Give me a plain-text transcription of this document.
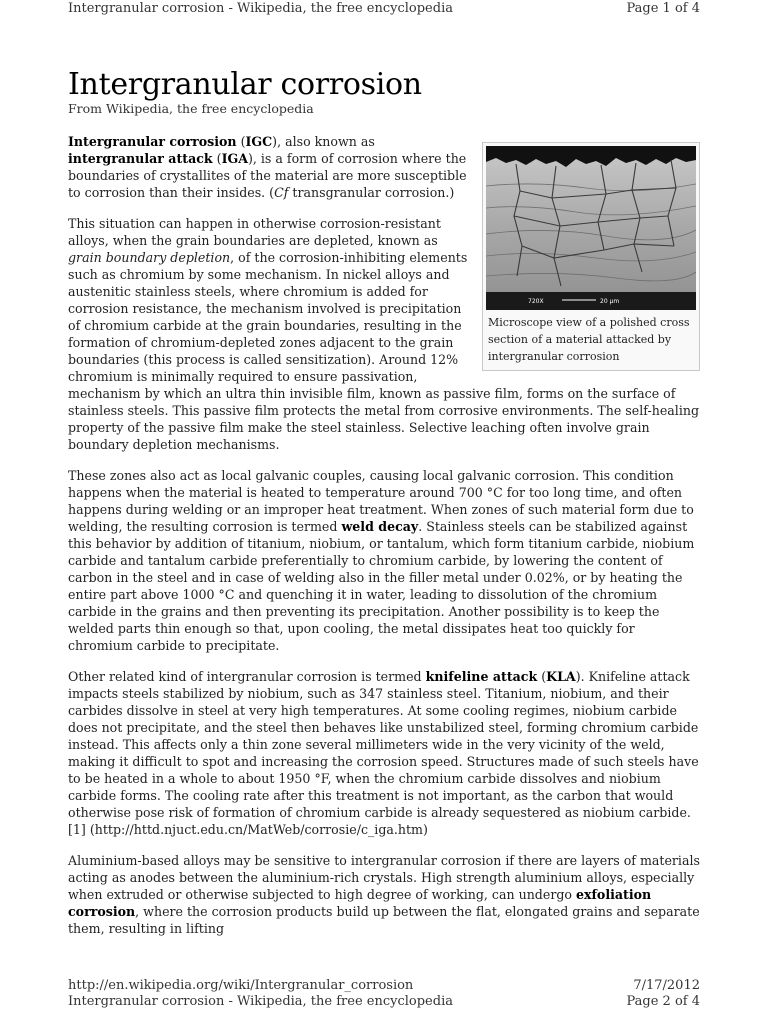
Intergranular corrosion - Wikipedia, the free encyclopedia	Page 1 of 4
Intergranular corrosion
From Wikipedia, the free encyclopedia
720X	20 µm
Microscope view of a polished cross section of a material attacked by intergranular corrosion

Intergranular corrosion (IGC), also known as intergranular attack (IGA), is a form of corrosion where the boundaries of crystallites of the material are more susceptible to corrosion than their insides. (Cf transgranular corrosion.)

This situation can happen in otherwise corrosion-resistant alloys, when the grain boundaries are depleted, known as grain boundary depletion, of the corrosion-inhibiting elements such as chromium by some mechanism. In nickel alloys and austenitic stainless steels, where chromium is added for corrosion resistance, the mechanism involved is precipitation of chromium carbide at the grain boundaries, resulting in the formation of chromium-depleted zones adjacent to the grain boundaries (this process is called sensitization). Around 12% chromium is minimally required to ensure passivation, mechanism by which an ultra thin invisible film, known as passive film, forms on the surface of stainless steels. This passive film protects the metal from corrosive environments. The self-healing property of the passive film make the steel stainless. Selective leaching often involve grain boundary depletion mechanisms.

These zones also act as local galvanic couples, causing local galvanic corrosion. This condition happens when the material is heated to temperature around 700 °C for too long time, and often happens during welding or an improper heat treatment. When zones of such material form due to welding, the resulting corrosion is termed weld decay. Stainless steels can be stabilized against this behavior by addition of titanium, niobium, or tantalum, which form titanium carbide, niobium carbide and tantalum carbide preferentially to chromium carbide, by lowering the content of carbon in the steel and in case of welding also in the filler metal under 0.02%, or by heating the entire part above 1000 °C and quenching it in water, leading to dissolution of the chromium carbide in the grains and then preventing its precipitation. Another possibility is to keep the welded parts thin enough so that, upon cooling, the metal dissipates heat too quickly for chromium carbide to precipitate.

Other related kind of intergranular corrosion is termed knifeline attack (KLA). Knifeline attack impacts steels stabilized by niobium, such as 347 stainless steel. Titanium, niobium, and their carbides dissolve in steel at very high temperatures. At some cooling regimes, niobium carbide does not precipitate, and the steel then behaves like unstabilized steel, forming chromium carbide instead. This affects only a thin zone several millimeters wide in the very vicinity of the weld, making it difficult to spot and increasing the corrosion speed. Structures made of such steels have to be heated in a whole to about 1950 °F, when the chromium carbide dissolves and niobium carbide forms. The cooling rate after this treatment is not important, as the carbon that would otherwise pose risk of formation of chromium carbide is already sequestered as niobium carbide. [1] (http://httd.njuct.edu.cn/MatWeb/corrosie/c_iga.htm)

Aluminium-based alloys may be sensitive to intergranular corrosion if there are layers of materials acting as anodes between the aluminium-rich crystals. High strength aluminium alloys, especially when extruded or otherwise subjected to high degree of working, can undergo exfoliation corrosion, where the corrosion products build up between the flat, elongated grains and separate them, resulting in lifting

http://en.wikipedia.org/wiki/Intergranular_corrosion	7/17/2012
Intergranular corrosion - Wikipedia, the free encyclopedia	Page 2 of 4
